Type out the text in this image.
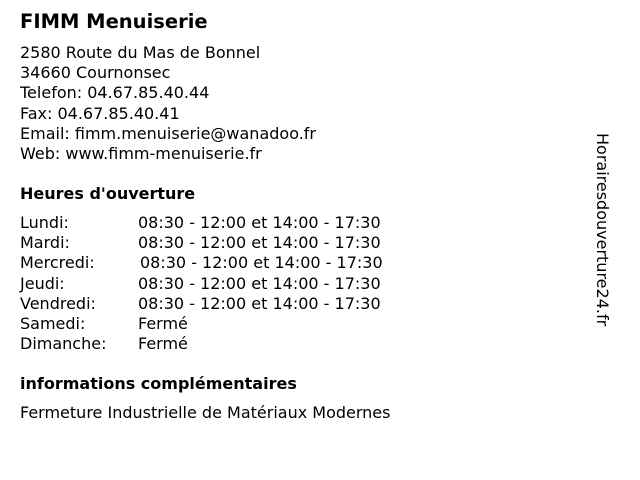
FIMM Menuiserie
2580 Route du Mas de Bonnel
34660 Cournonsec
Telefon: 04.67.85.40.44
Fax: 04.67.85.40.41
Email: fimm.menuiserie@wanadoo.fr
Web: www.fimm-menuiserie.fr
Heures d'ouverture
Lundi:	08:30 - 12:00 et 14:00 - 17:30
Mardi:	08:30 - 12:00 et 14:00 - 17:30
Mercredi:	08:30 - 12:00 et 14:00 - 17:30
Jeudi:	08:30 - 12:00 et 14:00 - 17:30
Vendredi:	08:30 - 12:00 et 14:00 - 17:30
Samedi:	Fermé
Dimanche: Fermé
informations complémentaires
Fermeture Industrielle de Matériaux Modernes
Horairesdouverture24.fr
